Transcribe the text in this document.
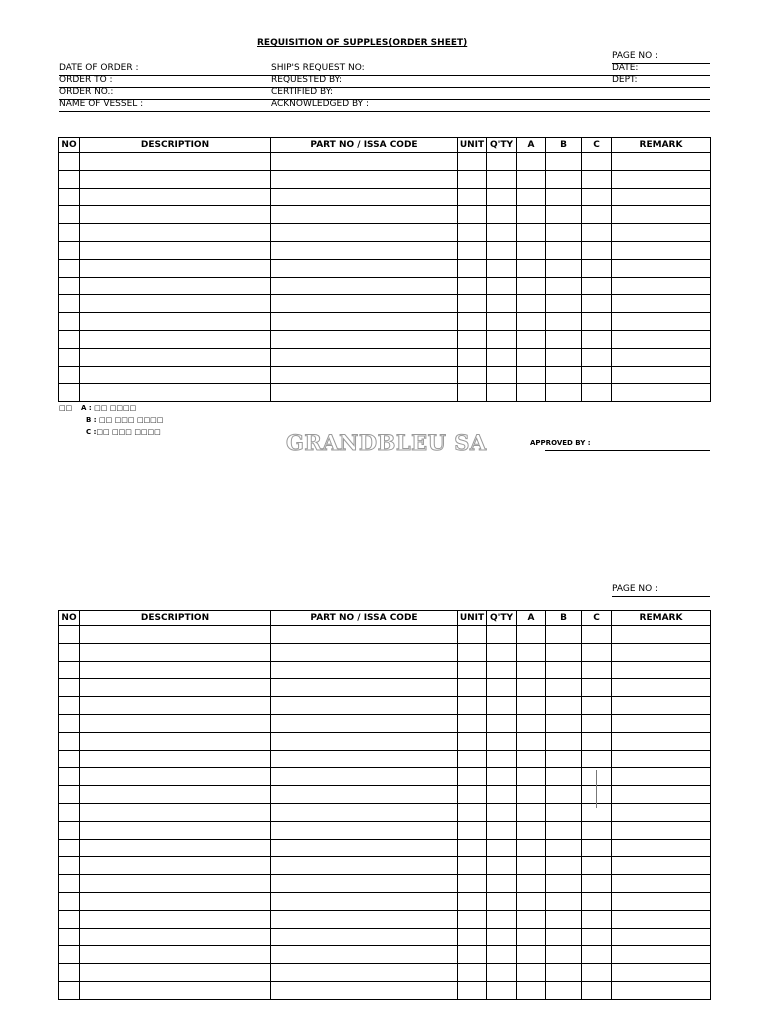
REQUISITION OF SUPPLES(ORDER SHEET)
PAGE NO :
DATE OF ORDER :	SHIP'S REQUEST NO:	DATE:
ORDER TO :	REQUESTED BY:	DEPT:
ORDER NO.:	CERTIFIED BY:
NAME OF VESSEL :	ACKNOWLEDGED BY :
NO	DESCRIPTION	PART NO / ISSA CODE	UNIT	Q'TY	A	B	C	REMARK

□□ A : □□ □□□□
B : □□ □□□ □□□□
C :□□ □□□ □□□□	GRANDBLEU SA	APPROVED BY :
PAGE NO :
NO	DESCRIPTION	PART NO / ISSA CODE	UNIT	Q'TY	A	B	C	REMARK
